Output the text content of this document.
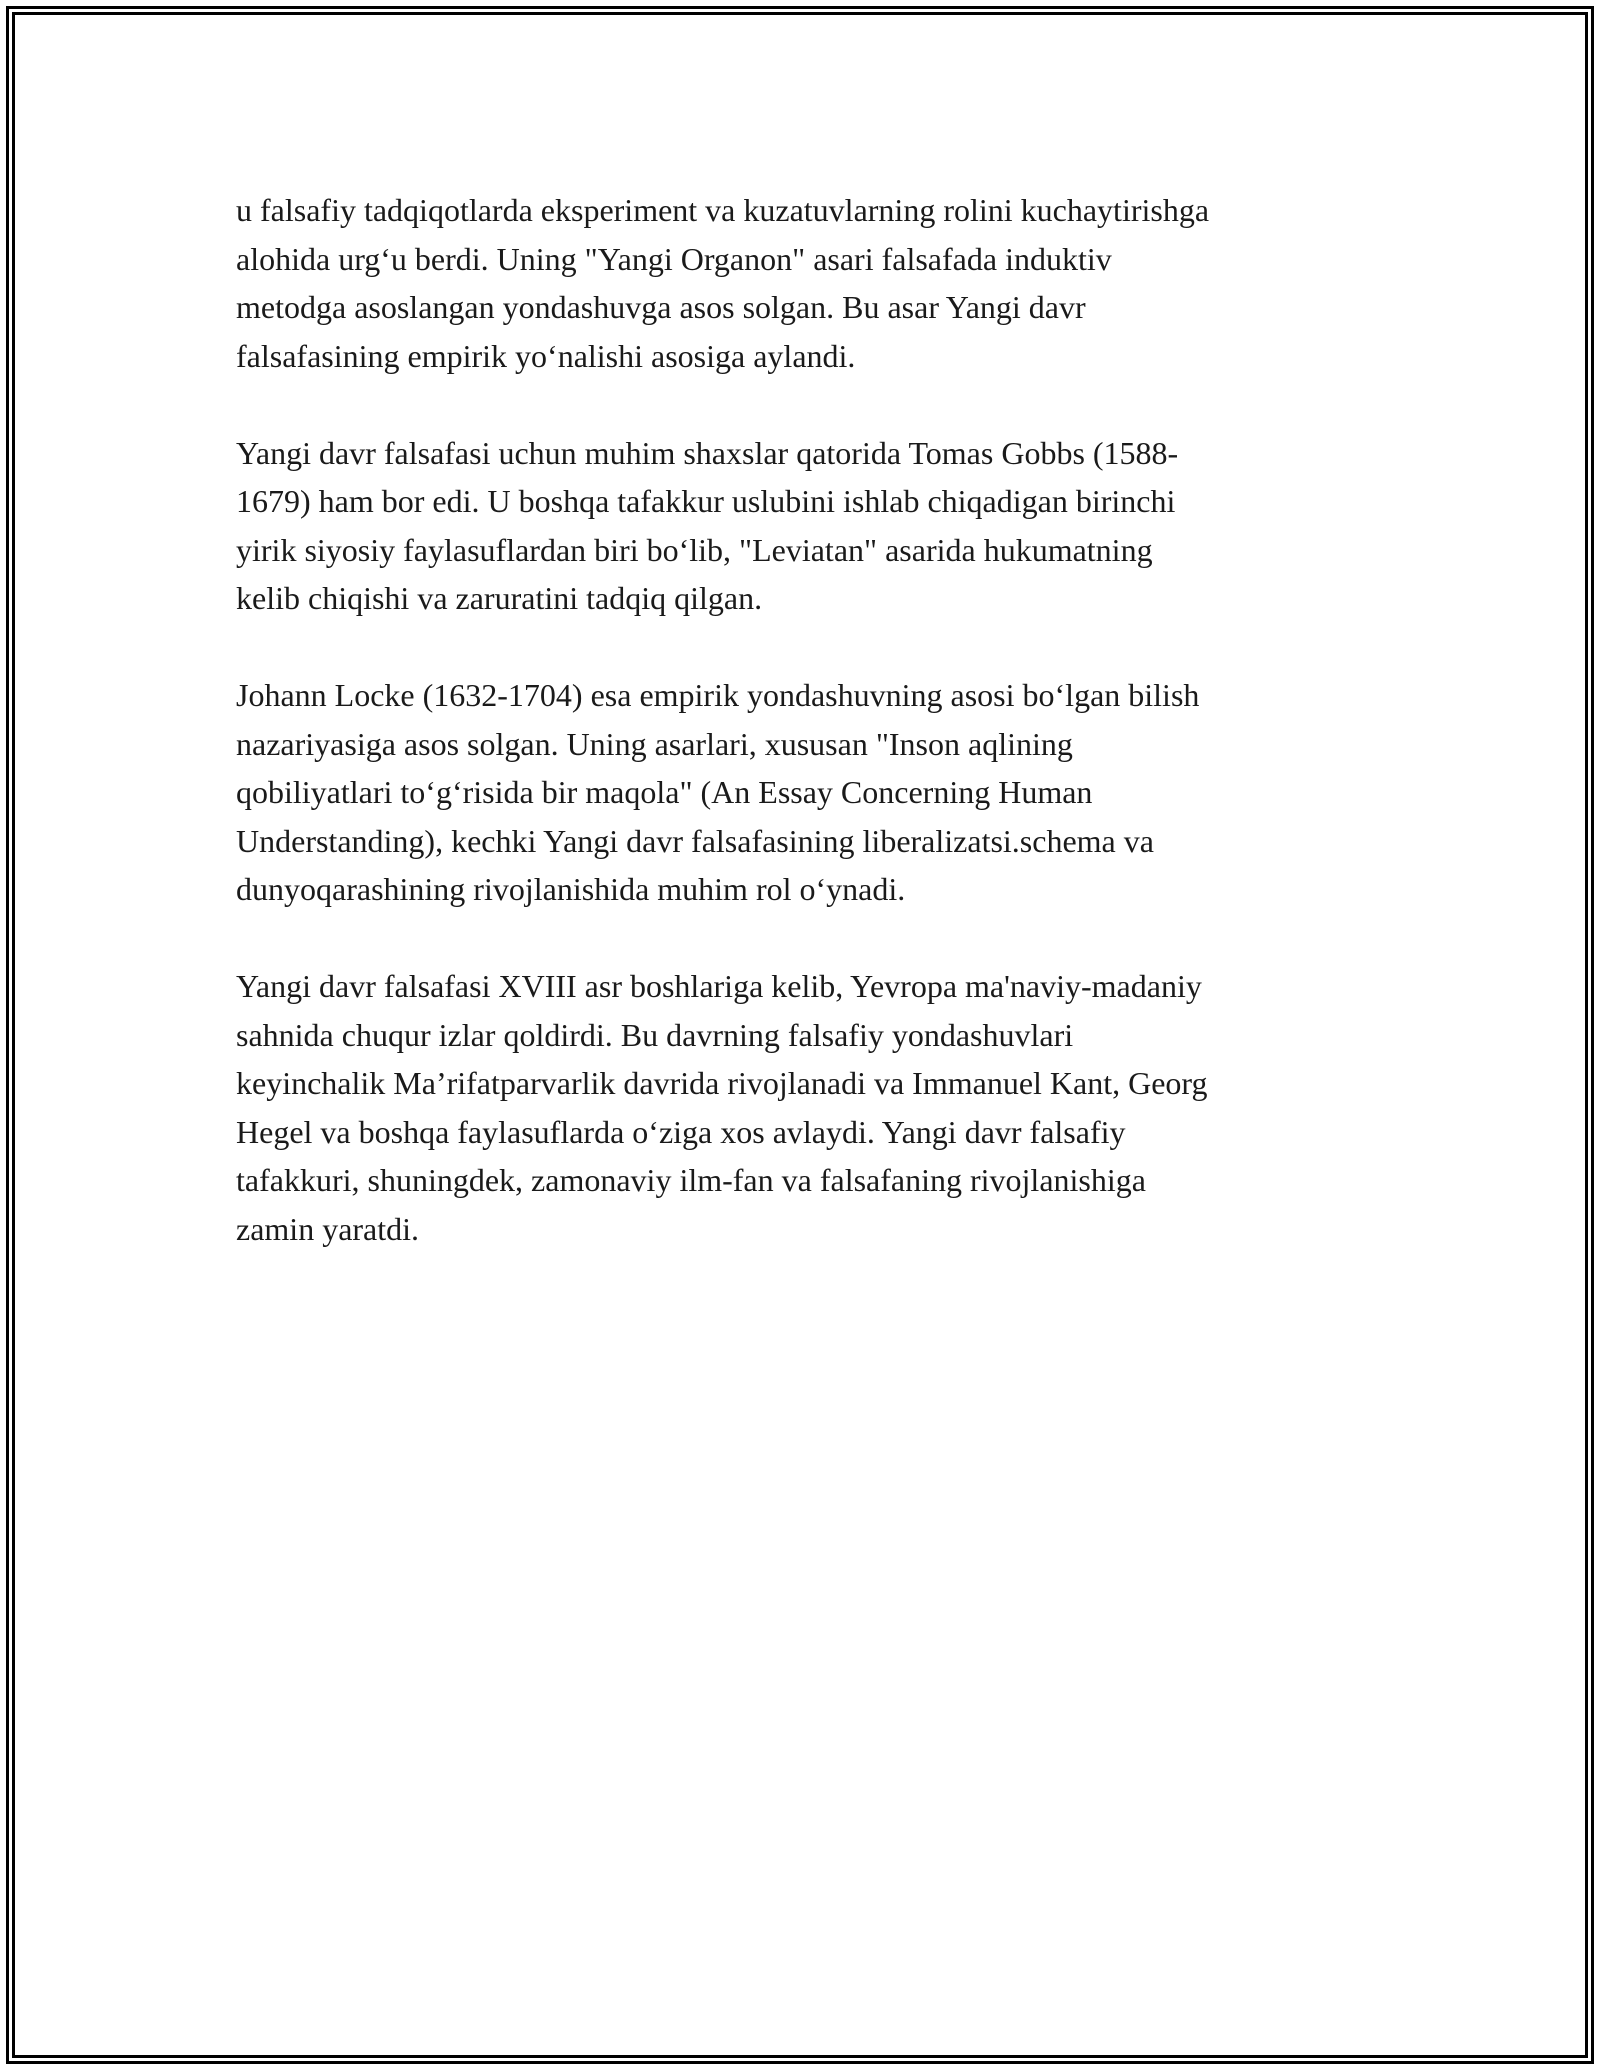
u falsafiy tadqiqotlarda eksperiment va kuzatuvlarning rolini kuchaytirishga
alohida urg‘u berdi. Uning "Yangi Organon" asari falsafada induktiv
metodga asoslangan yondashuvga asos solgan. Bu asar Yangi davr
falsafasining empirik yo‘nalishi asosiga aylandi.
Yangi davr falsafasi uchun muhim shaxslar qatorida Tomas Gobbs (1588-
1679) ham bor edi. U boshqa tafakkur uslubini ishlab chiqadigan birinchi
yirik siyosiy faylasuflardan biri bo‘lib, "Leviatan" asarida hukumatning
kelib chiqishi va zaruratini tadqiq qilgan.
Johann Locke (1632-1704) esa empirik yondashuvning asosi bo‘lgan bilish
nazariyasiga asos solgan. Uning asarlari, xususan "Inson aqlining
qobiliyatlari to‘g‘risida bir maqola" (An Essay Concerning Human
Understanding), kechki Yangi davr falsafasining liberalizatsi.schema va
dunyoqarashining rivojlanishida muhim rol o‘ynadi.
Yangi davr falsafasi XVIII asr boshlariga kelib, Yevropa ma'naviy-madaniy
sahnida chuqur izlar qoldirdi. Bu davrning falsafiy yondashuvlari
keyinchalik Ma’rifatparvarlik davrida rivojlanadi va Immanuel Kant, Georg
Hegel va boshqa faylasuflarda o‘ziga xos avlaydi. Yangi davr falsafiy
tafakkuri, shuningdek, zamonaviy ilm-fan va falsafaning rivojlanishiga
zamin yaratdi.
